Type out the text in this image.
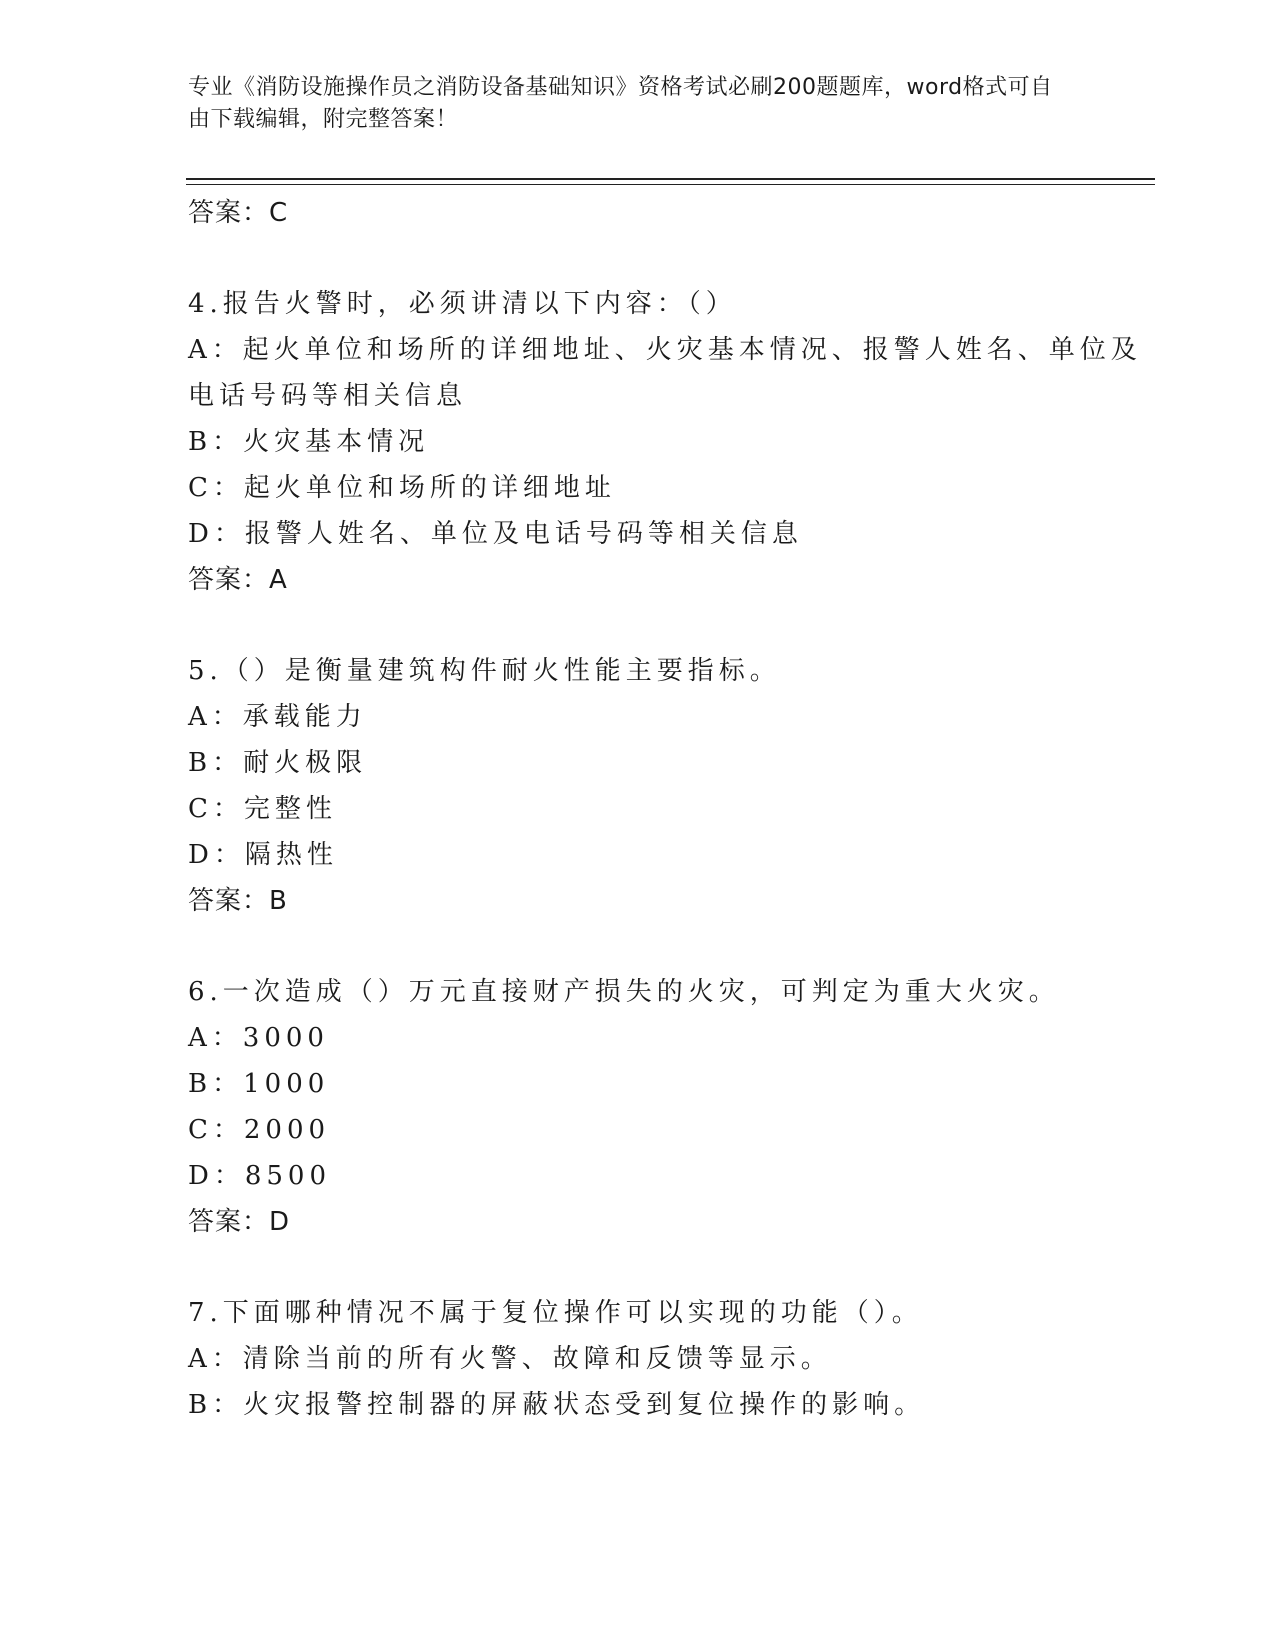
专业《消防设施操作员之消防设备基础知识》资格考试必刷200题题库，word格式可自由下载编辑，附完整答案！
答案：C
4.报告火警时，必须讲清以下内容：（）
A：起火单位和场所的详细地址、火灾基本情况、报警人姓名、单位及
电话号码等相关信息
B：火灾基本情况
C：起火单位和场所的详细地址
D：报警人姓名、单位及电话号码等相关信息
答案：A
5.（）是衡量建筑构件耐火性能主要指标。
A：承载能力
B：耐火极限
C：完整性
D：隔热性
答案：B
6.一次造成（）万元直接财产损失的火灾，可判定为重大火灾。
A：3000
B：1000
C：2000
D：8500
答案：D
7.下面哪种情况不属于复位操作可以实现的功能（）。
A：清除当前的所有火警、故障和反馈等显示。
B：火灾报警控制器的屏蔽状态受到复位操作的影响。
